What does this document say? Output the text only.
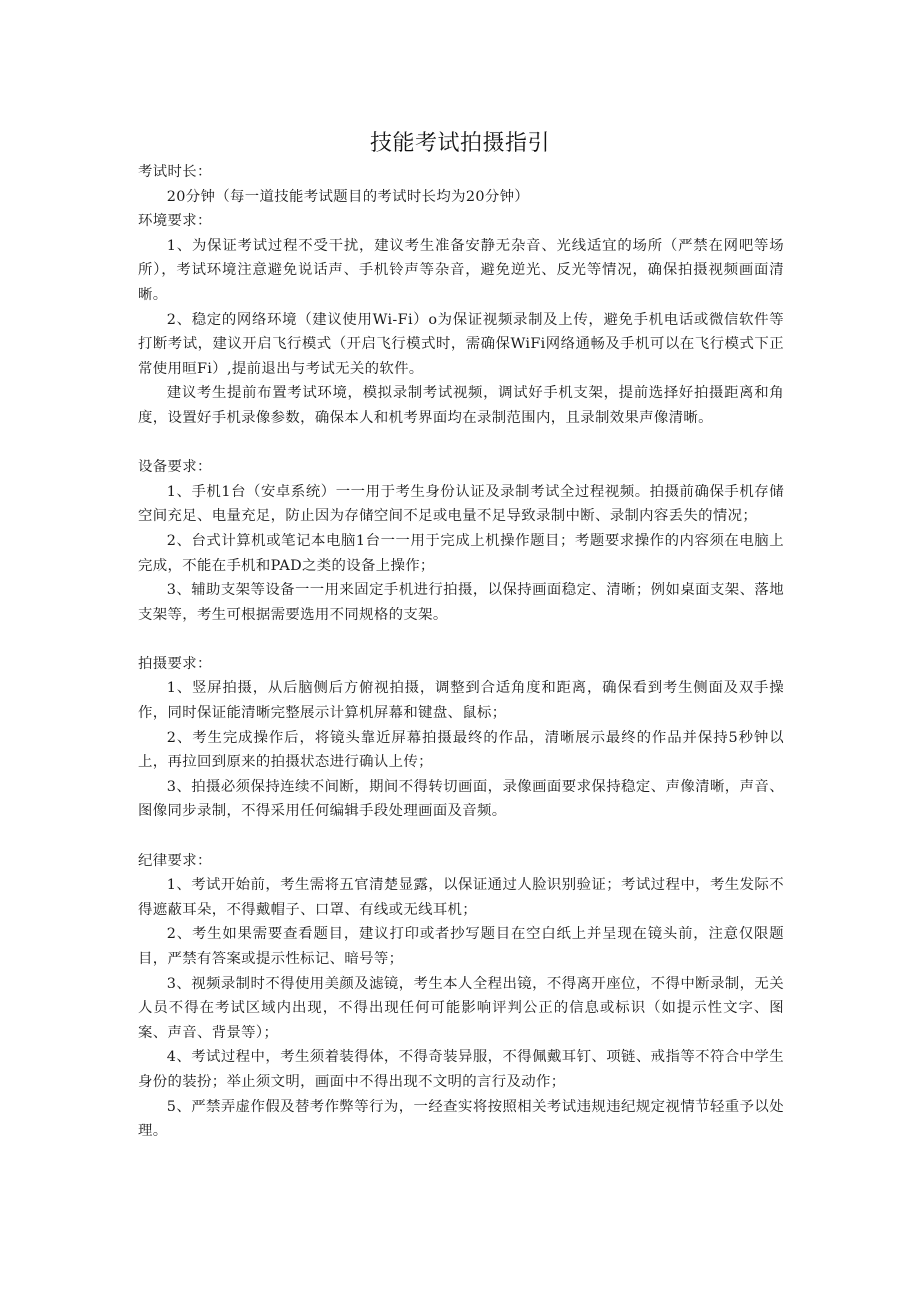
技能考试拍摄指引

考试时长：

20分钟（每一道技能考试题目的考试时长均为20分钟）

环境要求：

1、为保证考试过程不受干扰，建议考生准备安静无杂音、光线适宜的场所（严禁在网吧等场所），考试环境注意避免说话声、手机铃声等杂音，避免逆光、反光等情况，确保拍摄视频画面清晰。

2、稳定的网络环境（建议使用Wi-Fi）o为保证视频录制及上传，避免手机电话或微信软件等打断考试，建议开启飞行模式（开启飞行模式时，需确保WiFi网络通畅及手机可以在飞行模式下正常使用晅Fi）,提前退出与考试无关的软件。

建议考生提前布置考试环境，模拟录制考试视频，调试好手机支架，提前选择好拍摄距离和角度，设置好手机录像参数，确保本人和机考界面均在录制范围内，且录制效果声像清晰。

设备要求：

1、手机1台（安卓系统）一一用于考生身份认证及录制考试全过程视频。拍摄前确保手机存储空间充足、电量充足，防止因为存储空间不足或电量不足导致录制中断、录制内容丢失的情况；

2、台式计算机或笔记本电脑1台一一用于完成上机操作题目；考题要求操作的内容须在电脑上完成，不能在手机和PAD之类的设备上操作；

3、辅助支架等设备一一用来固定手机进行拍摄，以保持画面稳定、清晰；例如桌面支架、落地支架等，考生可根据需要选用不同规格的支架。

拍摄要求：

1、竖屏拍摄，从后脑侧后方俯视拍摄，调整到合适角度和距离，确保看到考生侧面及双手操作，同时保证能清晰完整展示计算机屏幕和键盘、鼠标；

2、考生完成操作后，将镜头靠近屏幕拍摄最终的作品，清晰展示最终的作品并保持5秒钟以上，再拉回到原来的拍摄状态进行确认上传；

3、拍摄必须保持连续不间断，期间不得转切画面，录像画面要求保持稳定、声像清晰，声音、图像同步录制，不得采用任何编辑手段处理画面及音频。

纪律要求：

1、考试开始前，考生需将五官清楚显露，以保证通过人脸识别验证；考试过程中，考生发际不得遮蔽耳朵，不得戴帽子、口罩、有线或无线耳机；

2、考生如果需要查看题目，建议打印或者抄写题目在空白纸上并呈现在镜头前，注意仅限题目，严禁有答案或提示性标记、暗号等；

3、视频录制时不得使用美颜及滤镜，考生本人全程出镜，不得离开座位，不得中断录制，无关人员不得在考试区域内出现，不得出现任何可能影响评判公正的信息或标识（如提示性文字、图案、声音、背景等）；

4、考试过程中，考生须着装得体，不得奇装异服，不得佩戴耳钉、项链、戒指等不符合中学生身份的装扮；举止须文明，画面中不得出现不文明的言行及动作；

5、严禁弄虚作假及替考作弊等行为，一经查实将按照相关考试违规违纪规定视情节轻重予以处理。
